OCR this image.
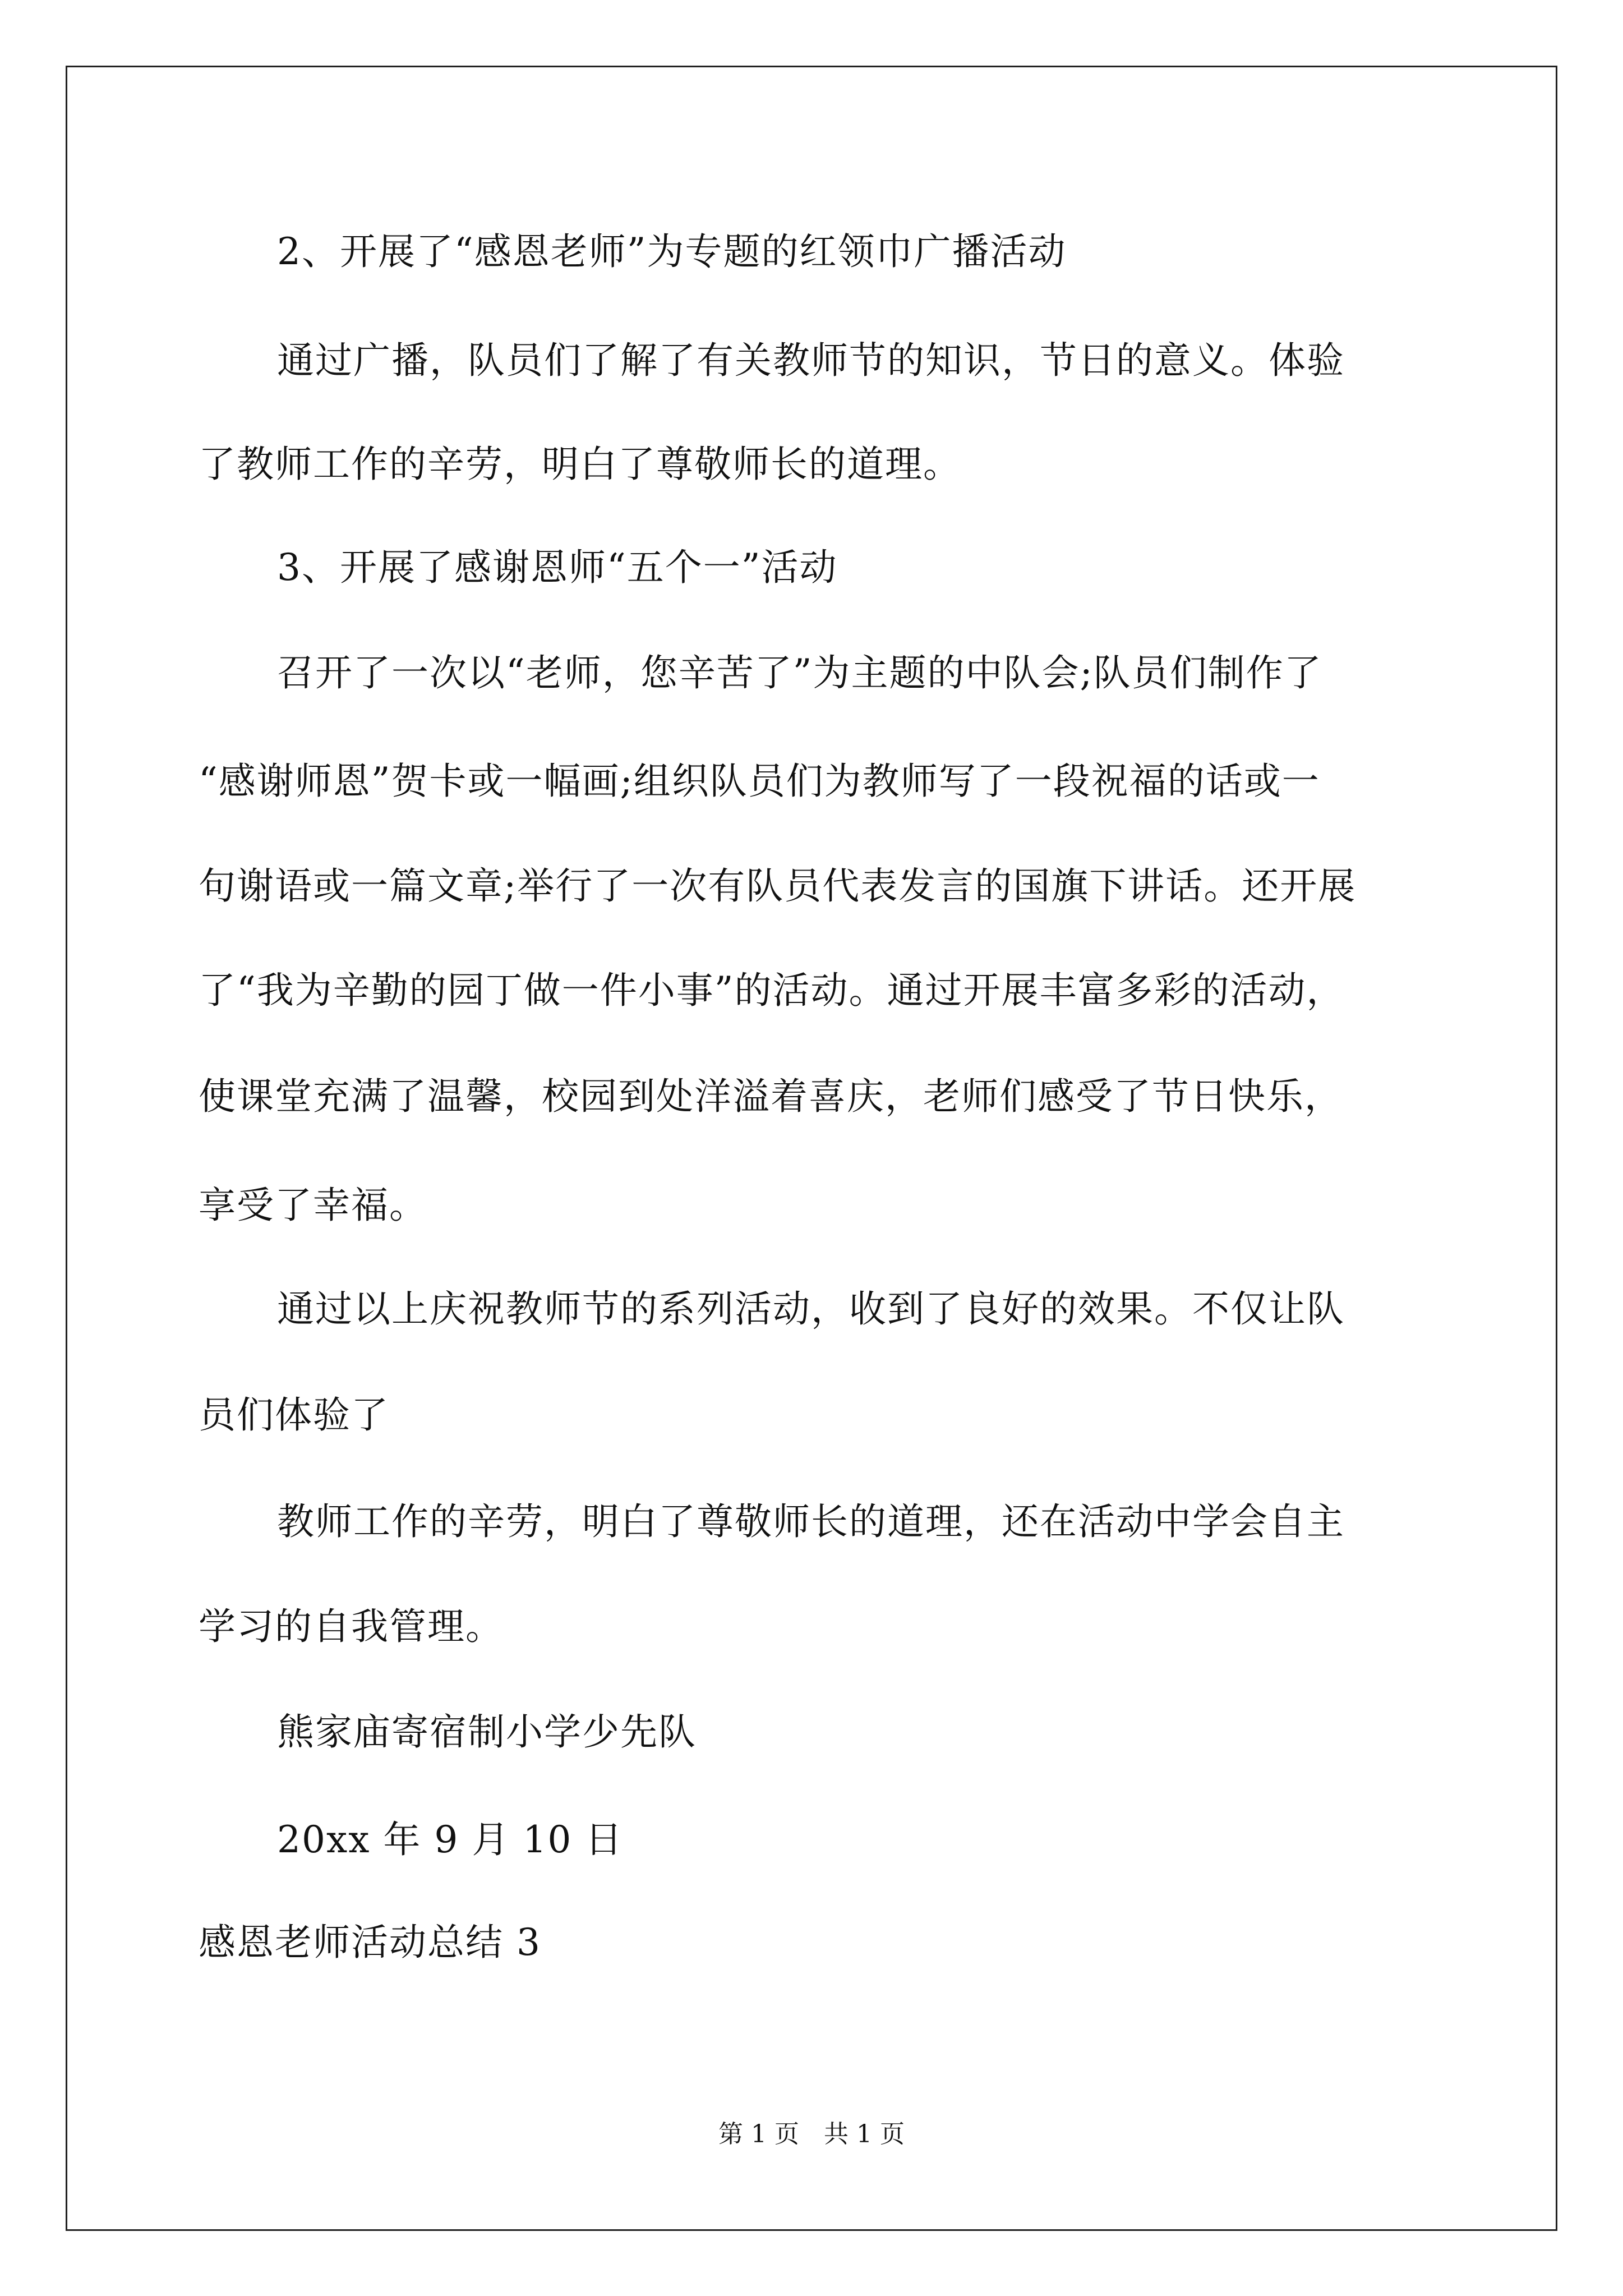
2、开展了“感恩老师”为专题的红领巾广播活动
通过广播，队员们了解了有关教师节的知识，节日的意义。体验
了教师工作的辛劳，明白了尊敬师长的道理。
3、开展了感谢恩师“五个一”活动
召开了一次以“老师，您辛苦了”为主题的中队会;队员们制作了
“感谢师恩”贺卡或一幅画;组织队员们为教师写了一段祝福的话或一
句谢语或一篇文章;举行了一次有队员代表发言的国旗下讲话。还开展
了“我为辛勤的园丁做一件小事”的活动。通过开展丰富多彩的活动，
使课堂充满了温馨，校园到处洋溢着喜庆，老师们感受了节日快乐，
享受了幸福。
通过以上庆祝教师节的系列活动，收到了良好的效果。不仅让队
员们体验了
教师工作的辛劳，明白了尊敬师长的道理，还在活动中学会自主
学习的自我管理。
熊家庙寄宿制小学少先队
20xx 年 9 月 10 日
感恩老师活动总结 3
第 1 页　共 1 页
